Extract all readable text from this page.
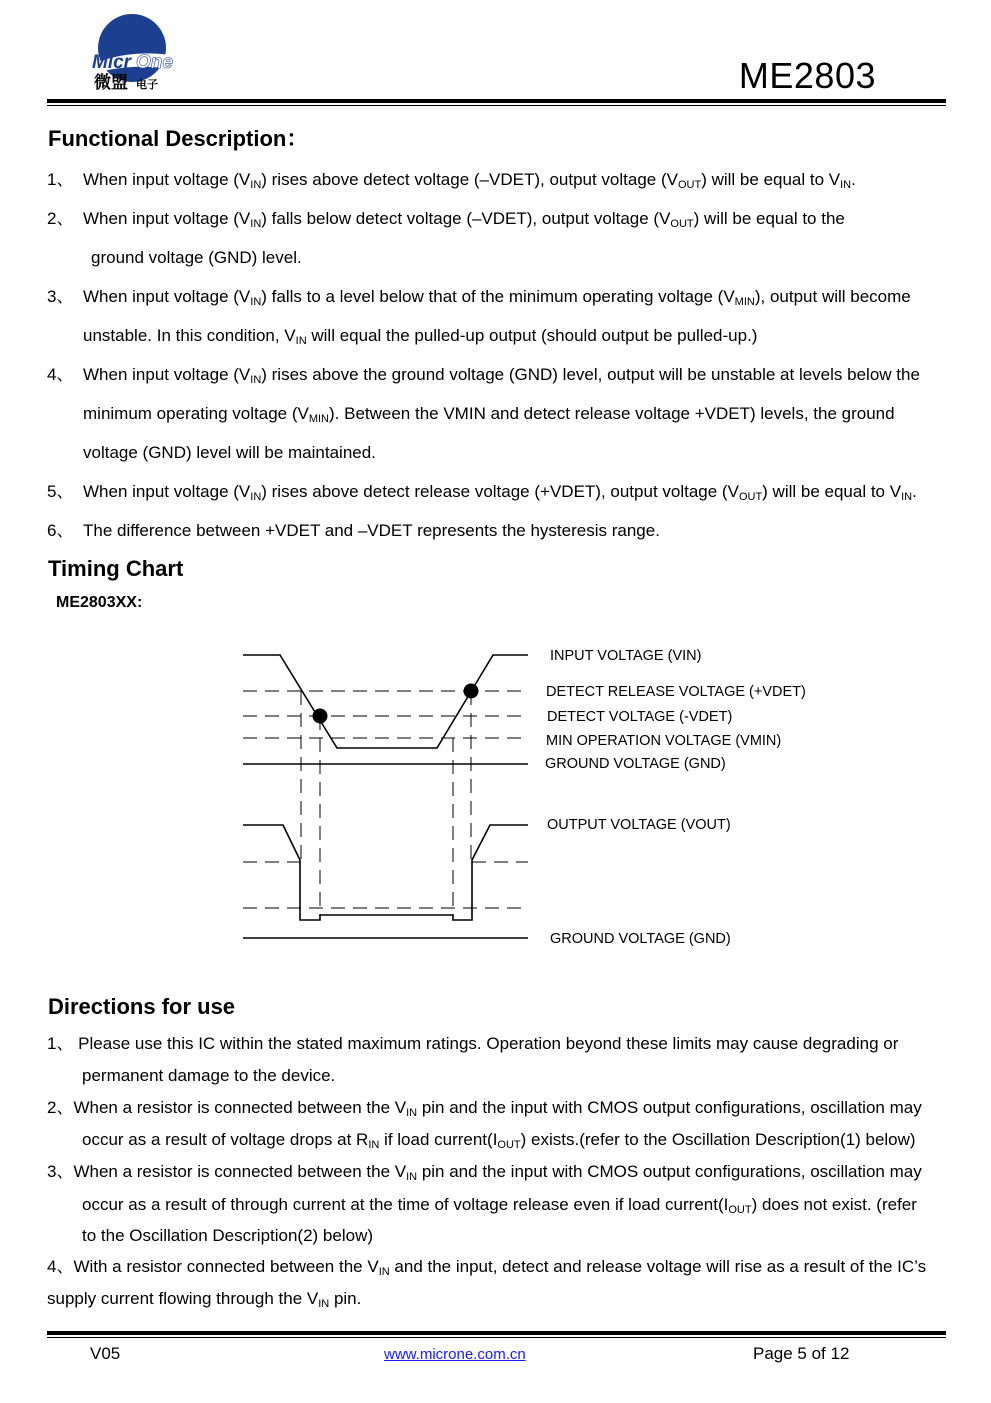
Micr One
微盟 电子	ME2803
Functional Description：
1、 When input voltage (V IN ) rises above detect voltage (–VDET), output voltage (V OUT ) will be equal to V IN .
2、 When input voltage (V IN ) falls below detect voltage (–VDET), output voltage (V OUT ) will be equal to the
ground voltage (GND) level.
3、 When input voltage (V IN ) falls to a level below that of the minimum operating voltage (V MIN ), output will become
unstable. In this condition, VIN will equal the pulled-up output (should output be pulled-up.)
4、 When input voltage (V IN ) rises above the ground voltage (GND) level, output will be unstable at levels below the
minimum operating voltage (V MIN ). Between the VMIN and detect release voltage +VDET) levels, the ground
voltage (GND) level will be maintained.
5、 When input voltage (V IN ) rises above detect release voltage (+VDET), output voltage (V OUT ) will be equal to V IN .
6、 The difference between +VDET and –VDET represents the hysteresis range.
Timing Chart
ME2803XX:
INPUT VOLTAGE (VIN)
DETECT RELEASE VOLTAGE (+VDET)
DETECT VOLTAGE (-VDET)
MIN OPERATION VOLTAGE (VMIN)
GROUND VOLTAGE (GND)
OUTPUT VOLTAGE (VOUT)
GROUND VOLTAGE (GND)
Directions for use
1、 Please use this IC within the stated maximum ratings. Operation beyond these limits may cause degrading or
permanent damage to the device.
2、When a resistor is connected between the VIN pin and the input with CMOS output configurations, oscillation may
occur as a result of voltage drops at RIN if load current(I OUT ) exists.(refer to the Oscillation Description(1) below)
3、When a resistor is connected between the VIN pin and the input with CMOS output configurations, oscillation may
occur as a result of through current at the time of voltage release even if load current(I OUT ) does not exist. (refer
to the Oscillation Description(2) below)
4、With a resistor connected between the VIN and the input, detect and release voltage will rise as a result of the IC’s
supply current flowing through the VIN pin.
V05	www.microne.com.cn	Page 5 of 12
